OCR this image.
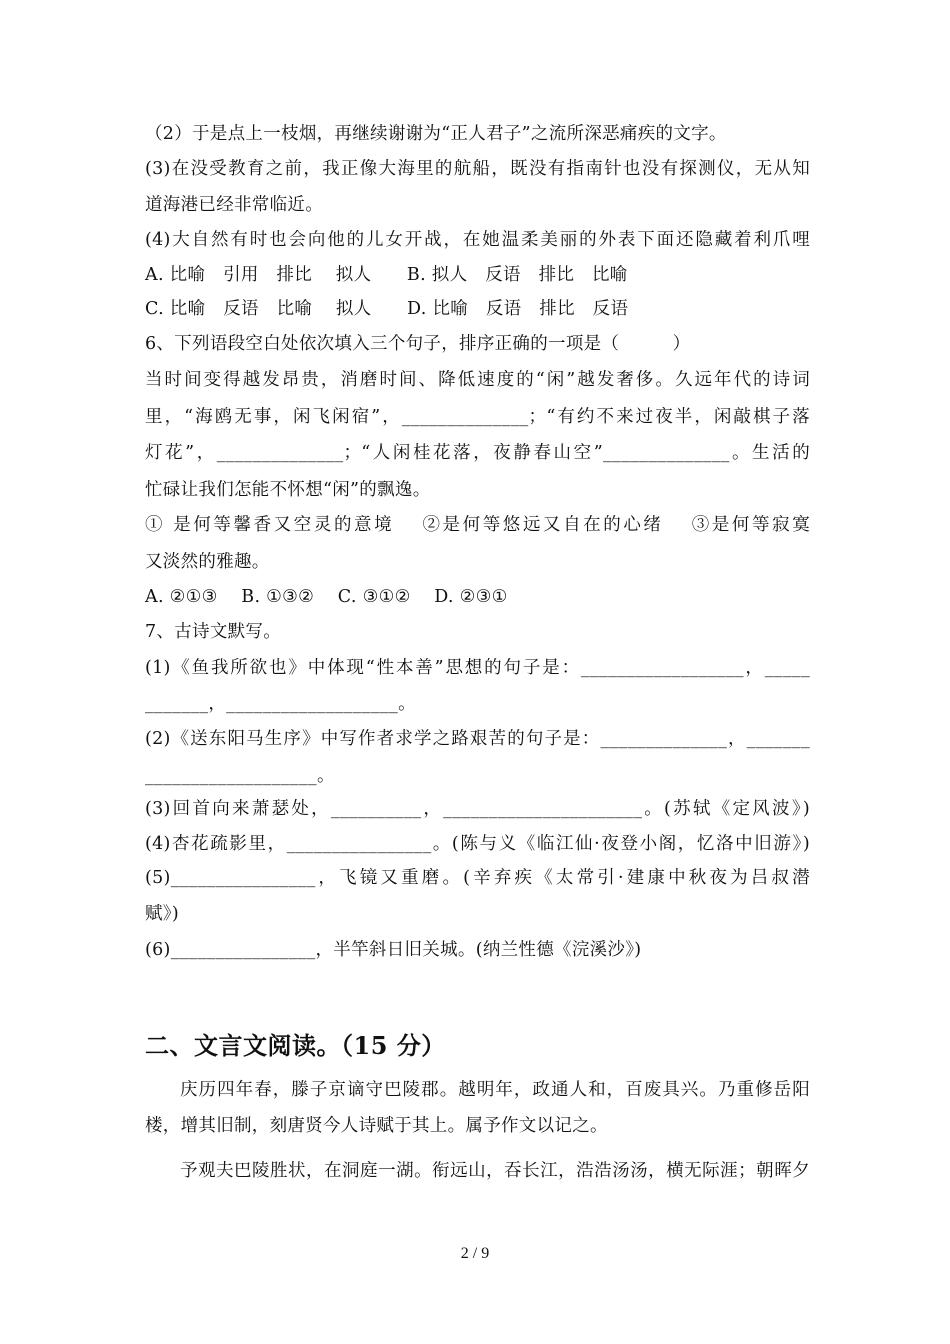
（2）于是点上一枝烟，再继续谢谢为“正人君子”之流所深恶痛疾的文字。
(3)在没受教育之前，我正像大海里的航船，既没有指南针也没有探测仪，无从知
道海港已经非常临近。
(4)大自然有时也会向他的儿女开战，在她温柔美丽的外表下面还隐藏着利爪哩
A. 比喻　引用　排比　 拟人　　B. 拟人　反语　排比　比喻
C. 比喻　反语　比喻　 拟人　　D. 比喻　反语　排比　反语
6、下列语段空白处依次填入三个句子，排序正确的一项是（　　　）
当时间变得越发昂贵，消磨时间、降低速度的“闲”越发奢侈。久远年代的诗词
里，“海鸥无事，闲飞闲宿”，______________；“有约不来过夜半，闲敲棋子落
灯花”，______________；“人闲桂花落，夜静春山空”______________。生活的
忙碌让我们怎能不怀想“闲”的飘逸。
① 是何等馨香又空灵的意境　 ②是何等悠远又自在的心绪　 ③是何等寂寞
又淡然的雅趣。
A. ②①③　 B. ①③②　 C. ③①②　 D. ②③①
7、古诗文默写。
(1)《鱼我所欲也》中体现“性本善”思想的句子是：__________________，_____
_______，___________________。
(2)《送东阳马生序》中写作者求学之路艰苦的句子是：______________，_______
___________________。
(3)回首向来萧瑟处，__________，______________________。(苏轼《定风波》)
(4)杏花疏影里，________________。(陈与义《临江仙·夜登小阁，忆洛中旧游》)
(5)________________，飞镜又重磨。(辛弃疾《太常引·建康中秋夜为吕叔潜
赋》)
(6)________________，半竿斜日旧关城。(纳兰性德《浣溪沙》)
二、文言文阅读。（15 分）
庆历四年春，滕子京谪守巴陵郡。越明年，政通人和，百废具兴。乃重修岳阳
楼，增其旧制，刻唐贤今人诗赋于其上。属予作文以记之。
予观夫巴陵胜状，在洞庭一湖。衔远山，吞长江，浩浩汤汤，横无际涯；朝晖夕
2 / 9
